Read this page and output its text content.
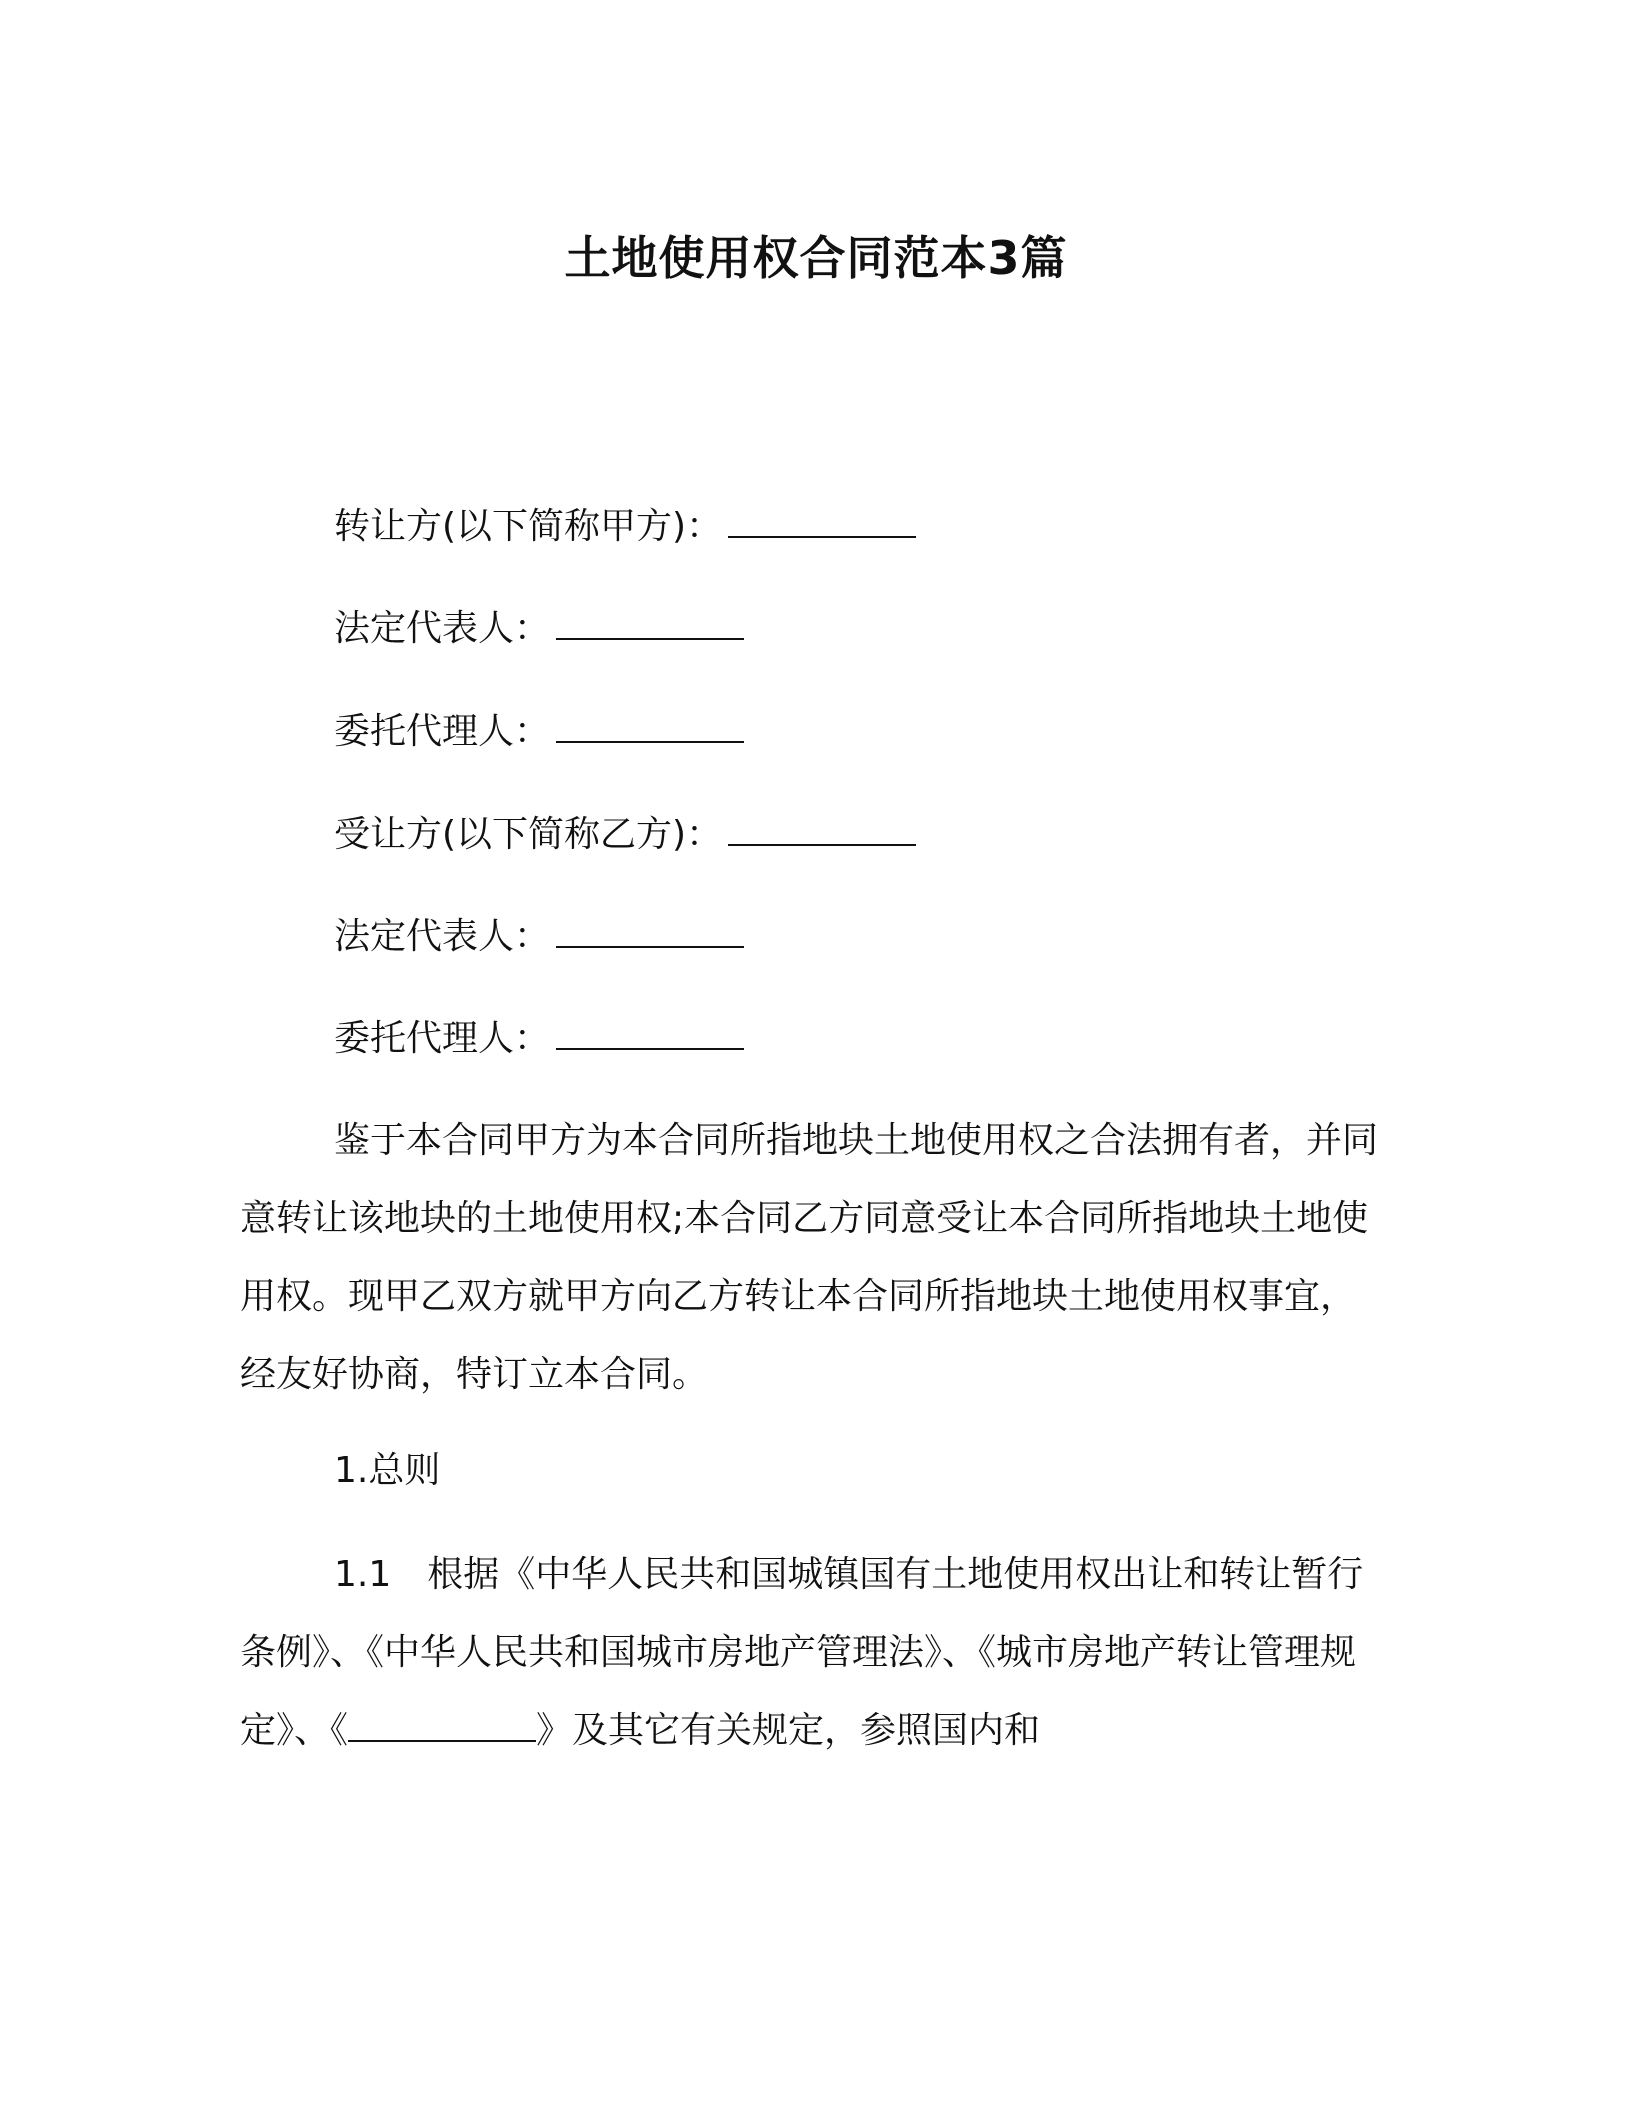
土地使用权合同范本3篇
转让方(以下简称甲方)：
法定代表人：
委托代理人：
受让方(以下简称乙方)：
法定代表人：
委托代理人：

鉴于本合同甲方为本合同所指地块土地使用权之合法拥有者，并同意转让该地块的土地使用权;本合同乙方同意受让本合同所指地块土地使用权。现甲乙双方就甲方向乙方转让本合同所指地块土地使用权事宜，经友好协商，特订立本合同。

1.总则

1.1　 根据《中华人民共和国城镇国有土地使用权出让和转让暂行条例》、《中华人民共和国城市房地产管理法》、《城市房地产转让管理规定》、《	》及其它有关规定，参照国内和
